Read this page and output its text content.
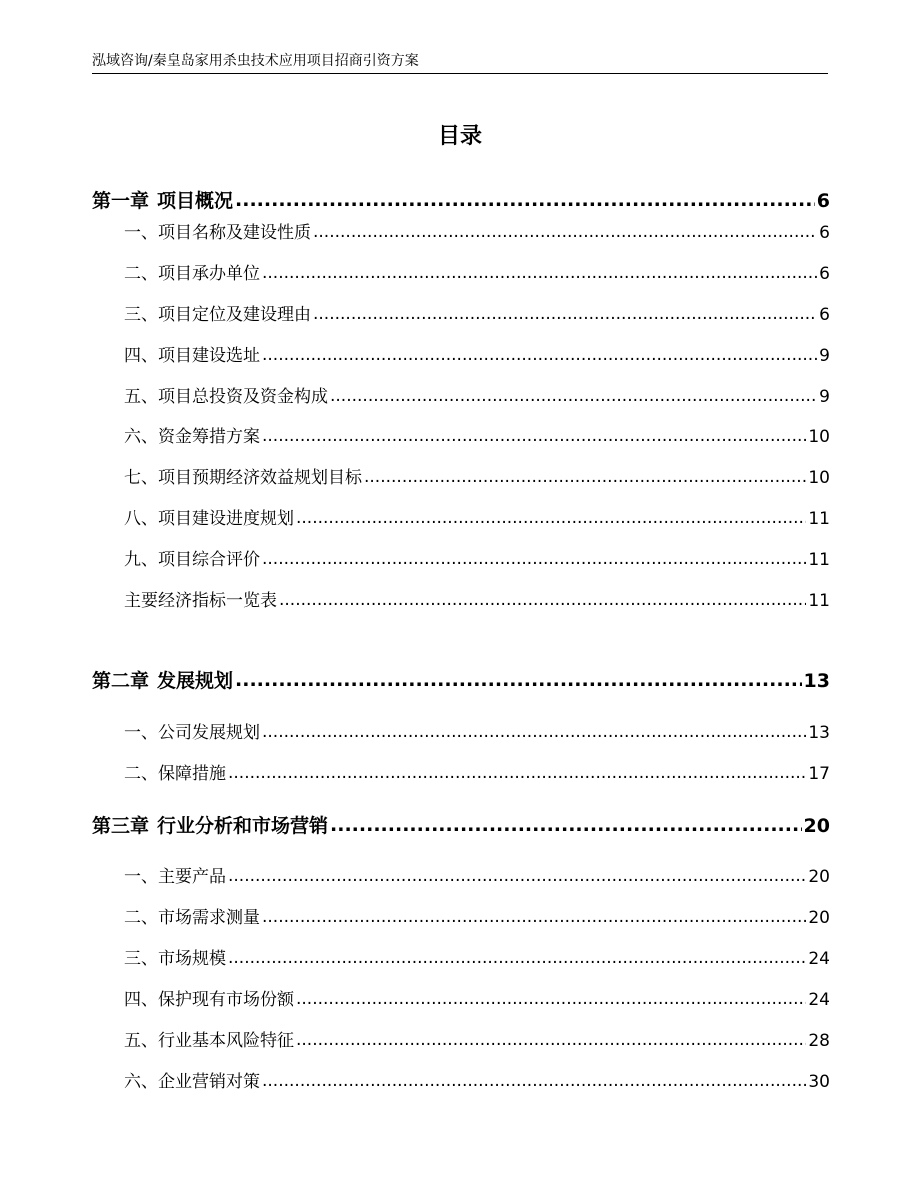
泓域咨询/秦皇岛家用杀虫技术应用项目招商引资方案
目录
第一章 项目概况 .....	6
一、 项目名称及建设性质 .....	6
二、 项目承办单位 .....	6
三、 项目定位及建设理由 .....	6
四、 项目建设选址 .....	9
五、 项目总投资及资金构成 .....	9
六、 资金筹措方案 .....	10
七、 项目预期经济效益规划目标 .....	10
八、 项目建设进度规划 .....	11
九、 项目综合评价 .....	11
主要经济指标一览表 .....	11
第二章 发展规划 .....	13
一、 公司发展规划 .....	13
二、 保障措施 .....	17
第三章 行业分析和市场营销 .....	20
一、 主要产品 .....	20
二、 市场需求测量 .....	20
三、 市场规模 .....	24
四、 保护现有市场份额 .....	24
五、 行业基本风险特征 .....	28
六、 企业营销对策 .....	30
